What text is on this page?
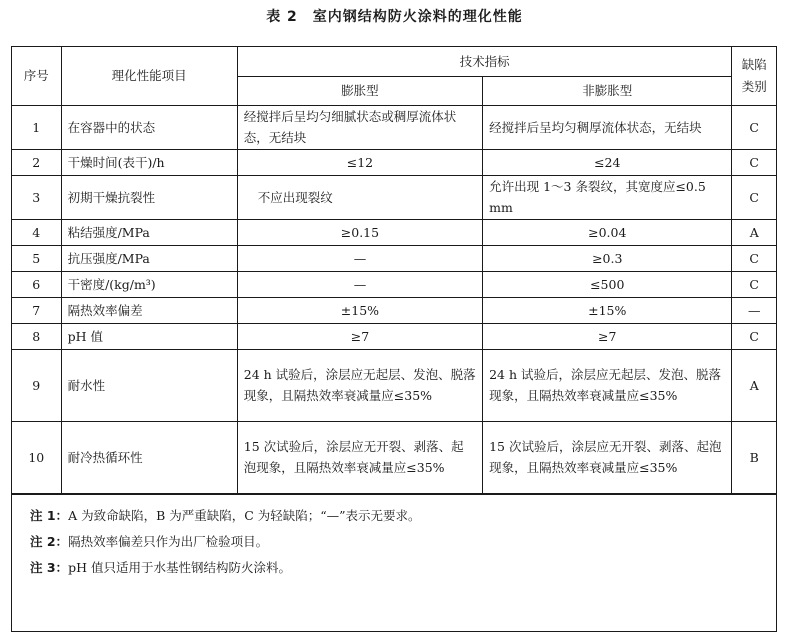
表 2　室内钢结构防火涂料的理化性能
序号	理化性能项目	技术指标		缺陷类别
		膨胀型	非膨胀型	
1	在容器中的状态	经搅拌后呈均匀细腻状态或稠厚流体状态，无结块	经搅拌后呈均匀稠厚流体状态，无结块	C
2	干燥时间(表干)/h	≤12	≤24	C
3	初期干燥抗裂性	不应出现裂纹	允许出现 1～3 条裂纹，其宽度应≤0.5 mm	C
4	粘结强度/MPa	≥0.15	≥0.04	A
5	抗压强度/MPa	—	≥0.3	C
6	干密度/(kg/m³)	—	≤500	C
7	隔热效率偏差	±15%	±15%	—
8	pH 值	≥7	≥7	C
9	耐水性	24 h 试验后，涂层应无起层、发泡、脱落现象，且隔热效率衰减量应≤35%	24 h 试验后，涂层应无起层、发泡、脱落现象，且隔热效率衰减量应≤35%	A
10	耐冷热循环性	15 次试验后，涂层应无开裂、剥落、起泡现象，且隔热效率衰减量应≤35%	15 次试验后，涂层应无开裂、剥落、起泡现象，且隔热效率衰减量应≤35%	B
注 1：A 为致命缺陷，B 为严重缺陷，C 为轻缺陷；“—”表示无要求。
注 2：隔热效率偏差只作为出厂检验项目。
注 3：pH 值只适用于水基性钢结构防火涂料。
